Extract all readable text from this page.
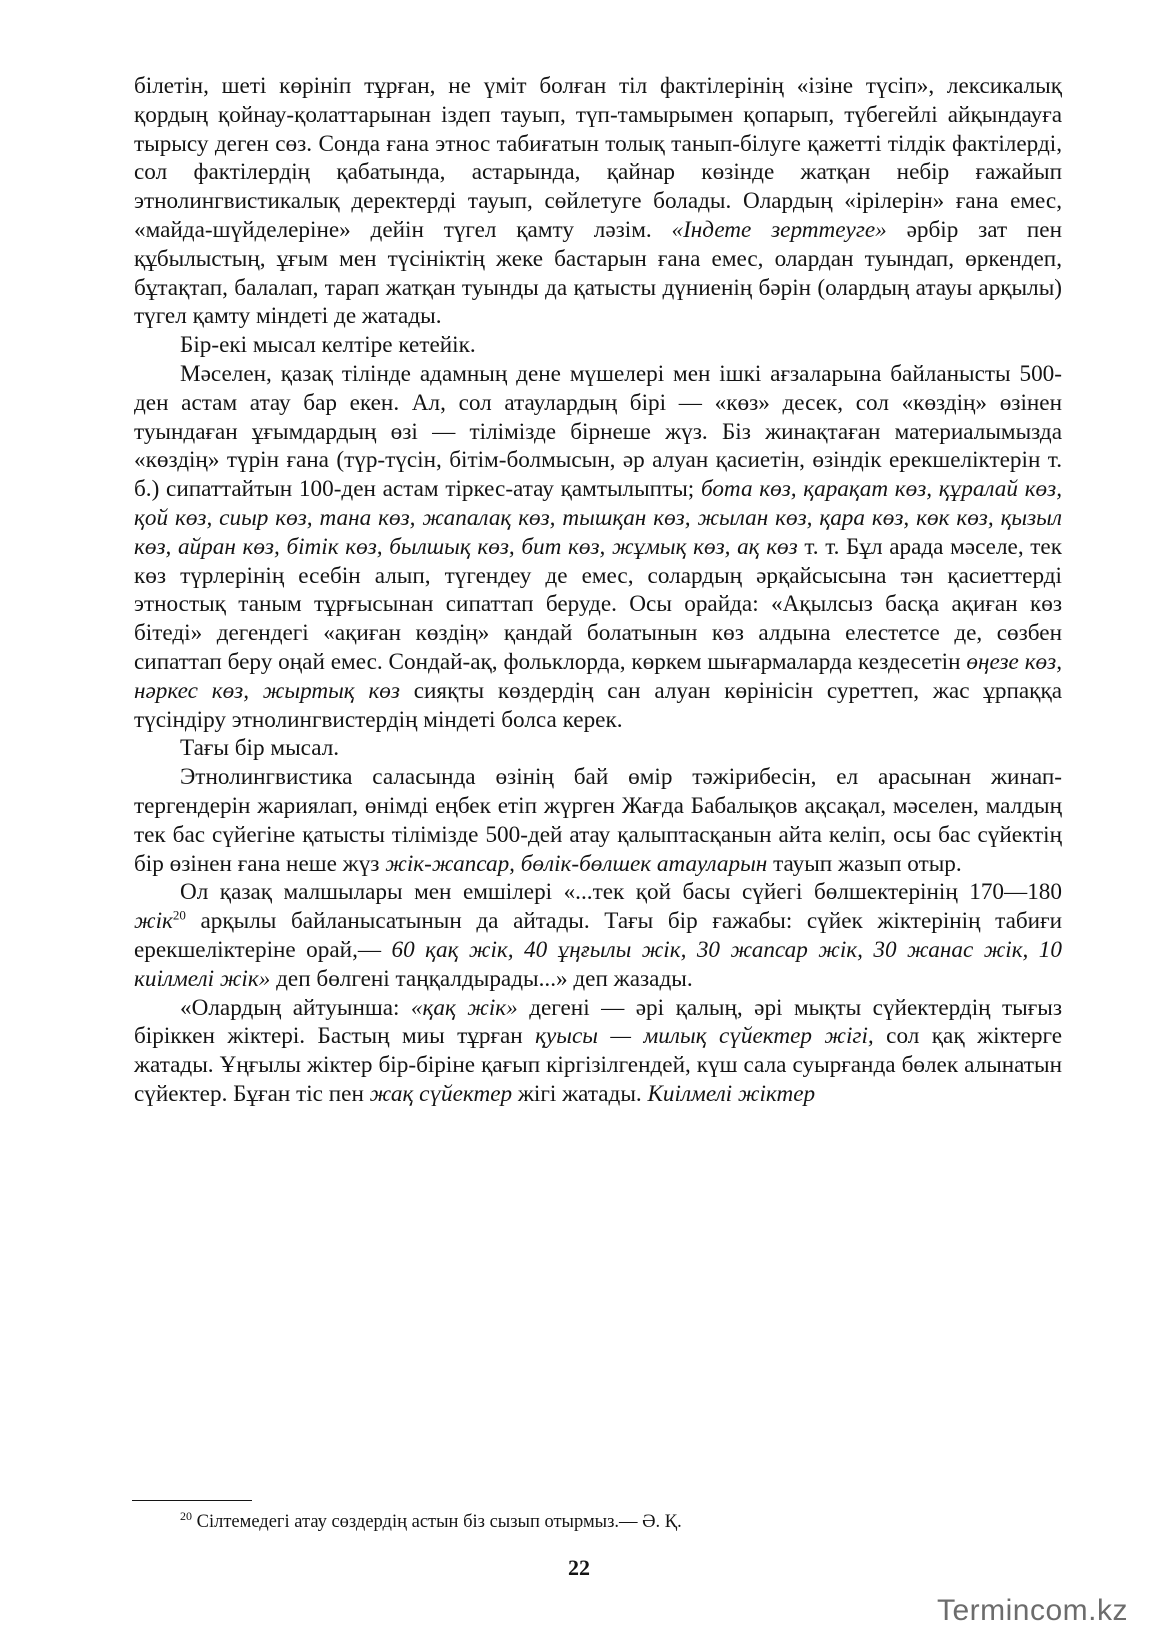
білетін, шеті көрініп тұрған, не үміт болған тіл фактілерінің «ізіне түсіп», лексикалық қордың қойнау-қолаттарынан іздеп тауып, түп-тамырымен қопарып, түбегейлі айқындауға тырысу деген сөз. Сонда ғана этнос табиғатын толық танып-білуге қажетті тілдік фактілерді, сол фактілердің қабатында, астарында, қайнар көзінде жатқан небір ғажайып этнолингвистикалық деректерді тауып, сөйлетуге болады. Олардың «ірілерін» ғана емес, «майда-шүйделеріне» дейін түгел қамту лəзім. «Індете зерттеуге» əрбір зат пен құбылыстың, ұғым мен түсініктің жеке бастарын ғана емес, олардан туындап, өркендеп, бұтақтап, балалап, тарап жатқан туынды да қатысты дүниенің бəрін (олардың атауы арқылы) түгел қамту міндеті де жатады.

Бір-екі мысал келтіре кетейік.

Мəселен, қазақ тілінде адамның дене мүшелері мен ішкі ағзаларына байланысты 500-ден астам атау бар екен. Ал, сол атаулардың бірі — «көз» десек, сол «көздің» өзінен туындаған ұғымдардың өзі — тілімізде бірнеше жүз. Біз жинақтаған материалымызда «көздің» түрін ғана (түр-түсін, бітім-болмысын, əр алуан қасиетін, өзіндік ерекшеліктерін т. б.) сипаттайтын 100-ден астам тіркес-атау қамтылыпты; бота көз, қарақат көз, құралай көз, қой көз, сиыр көз, тана көз, жапалақ көз, тышқан көз, жылан көз, қара көз, көк көз, қызыл көз, айран көз, бітік көз, былшық көз, бит көз, жұмық көз, ақ көз т. т. Бұл арада мəселе, тек көз түрлерінің есебін алып, түгендеу де емес, солардың əрқайсысына тəн қасиеттерді этностық таным тұрғысынан сипаттап беруде. Осы орайда: «Ақылсыз басқа ақиған көз бітеді» дегендегі «ақиған көздің» қандай болатынын көз алдына елестетсе де, сөзбен сипаттап беру оңай емес. Сондай-ақ, фольклорда, көркем шығармаларда кездесетін өңезе көз, нəркес көз, жыртық көз сияқты көздердің сан алуан көрінісін суреттеп, жас ұрпаққа түсіндіру этнолингвистердің міндеті болса керек.

Тағы бір мысал.

Этнолингвистика саласында өзінің бай өмір тəжірибесін, ел арасынан жинап-тергендерін жариялап, өнімді еңбек етіп жүрген Жағда Бабалықов ақсақал, мəселен, малдың тек бас сүйегіне қатысты тілімізде 500-дей атау қалыптасқанын айта келіп, осы бас сүйектің бір өзінен ғана неше жүз жік-жапсар, бөлік-бөлшек атауларын тауып жазып отыр.

Ол қазақ малшылары мен емшілері «...тек қой басы сүйегі бөлшектерінің 170—180 жік$^{20}$ арқылы байланысатынын да айтады. Тағы бір ғажабы: сүйек жіктерінің табиғи ерекшеліктеріне орай,— 60 қақ жік, 40 ұңғылы жік, 30 жапсар жік, 30 жанас жік, 10 киілмелі жік» деп бөлгені таңқалдырады...» деп жазады.

«Олардың айтуынша: «қақ жік» дегені — əрі қалың, əрі мықты сүйектердің тығыз біріккен жіктері. Бастың миы тұрған қуысы — милық сүйектер жігі, сол қақ жіктерге жатады. Ұңғылы жіктер бір-біріне қағып кіргізілгендей, күш сала суырғанда бөлек алынатын сүйектер. Бұған тіс пен жақ сүйектер жігі жатады. Киілмелі жіктер

$^{20}$ Сілтемедегі атау сөздердің астын біз сызып отырмыз.— Ə. Қ.
22
Termincom.kz
